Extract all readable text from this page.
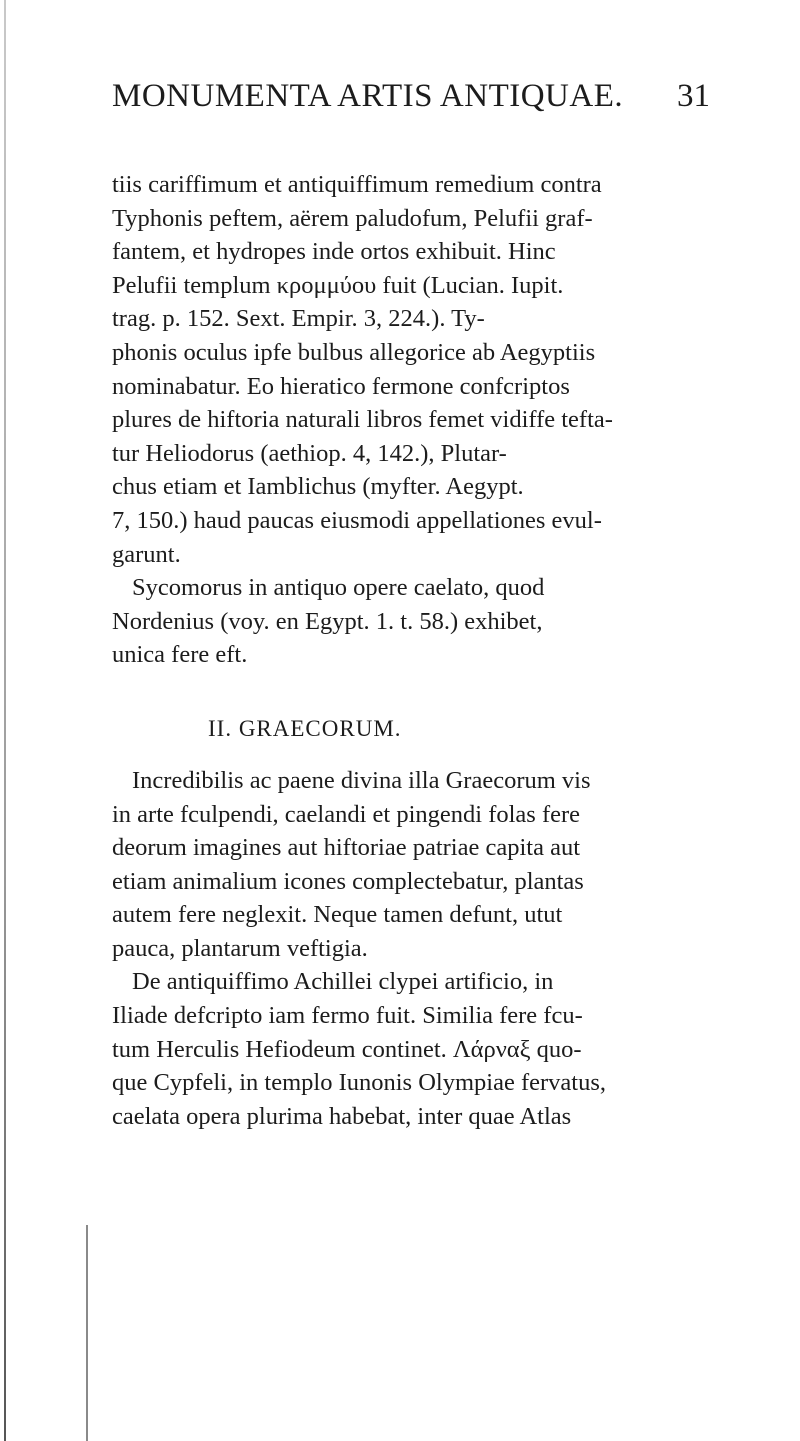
MONUMENTA ARTIS ANTIQUAE.	31
tiis cariffimum et antiquiffimum remedium contra
Typhonis peftem, aërem paludofum, Pelufii graf-
fantem, et hydropes inde ortos exhibuit. Hinc
Pelufii templum κρομμύου fuit (Lucian. Iupit.
trag. p. 152. Sext. Empir. 3, 224.). Ty-
phonis oculus ipfe bulbus allegorice ab Aegyptiis
nominabatur. Eo hieratico fermone confcriptos
plures de hiftoria naturali libros femet vidiffe tefta-
tur Heliodorus (aethiop. 4, 142.), Plutar-
chus etiam et Iamblichus (myfter. Aegypt.
7, 150.) haud paucas eiusmodi appellationes evul-
garunt.
Sycomorus in antiquo opere caelato, quod
Nordenius (voy. en Egypt. 1. t. 58.) exhibet,
unica fere eft.
II. GRAECORUM.
Incredibilis ac paene divina illa Graecorum vis
in arte fculpendi, caelandi et pingendi folas fere
deorum imagines aut hiftoriae patriae capita aut
etiam animalium icones complectebatur, plantas
autem fere neglexit. Neque tamen defunt, utut
pauca, plantarum veftigia.
De antiquiffimo Achillei clypei artificio, in
Iliade defcripto iam fermo fuit. Similia fere fcu-
tum Herculis Hefiodeum continet. Λάρναξ quo-
que Cypfeli, in templo Iunonis Olympiae fervatus,
caelata opera plurima habebat, inter quae Atlas
